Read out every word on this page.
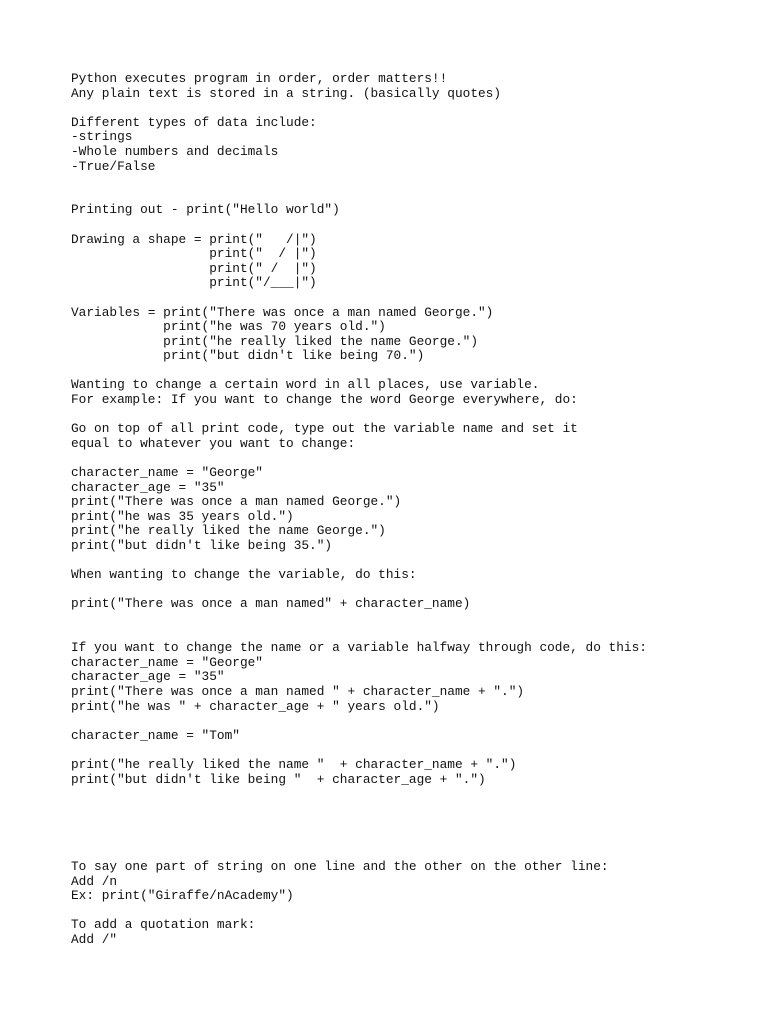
Python executes program in order, order matters!!
Any plain text is stored in a string. (basically quotes)
Different types of data include:
-strings
-Whole numbers and decimals
-True/False
Printing out - print("Hello world")
Drawing a shape = print("   /|")
print("  / |")
print(" /  |")
print("/___|")
Variables = print("There was once a man named George.")
print("he was 70 years old.")
print("he really liked the name George.")
print("but didn't like being 70.")
Wanting to change a certain word in all places, use variable.
For example: If you want to change the word George everywhere, do:
Go on top of all print code, type out the variable name and set it
equal to whatever you want to change:
character_name = "George"
character_age = "35"
print("There was once a man named George.")
print("he was 35 years old.")
print("he really liked the name George.")
print("but didn't like being 35.")
When wanting to change the variable, do this:
print("There was once a man named" + character_name)
If you want to change the name or a variable halfway through code, do this:
character_name = "George"
character_age = "35"
print("There was once a man named " + character_name + ".")
print("he was " + character_age + " years old.")
character_name = "Tom"
print("he really liked the name "  + character_name + ".")
print("but didn't like being "  + character_age + ".")
To say one part of string on one line and the other on the other line:
Add /n
Ex: print("Giraffe/nAcademy")
To add a quotation mark:
Add /"
